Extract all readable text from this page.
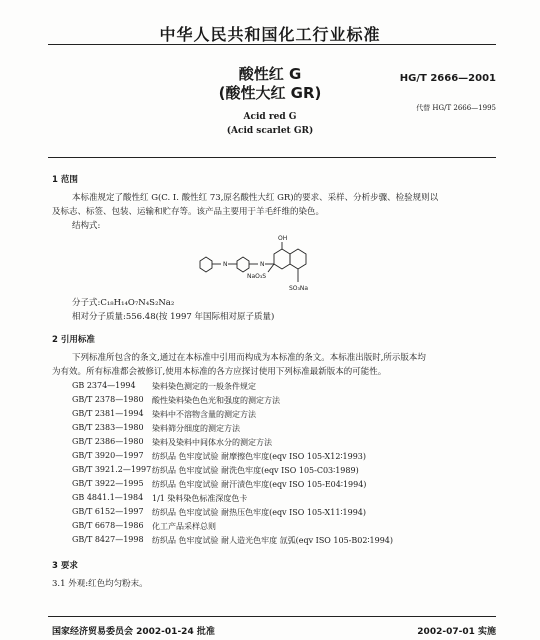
中华人民共和国化工行业标准
酸性红 G
(酸性大红 GR)
HG/T 2666—2001
代替 HG/T 2666—1995
Acid red G
(Acid scarlet GR)
1 范围
本标准规定了酸性红 G(C. I. 酸性红 73,原名酸性大红 GR)的要求、采样、分析步骤、检验规则以
及标志、标签、包装、运输和贮存等。该产品主要用于羊毛纤维的染色。
结构式:
N	N
OH
NaO₃S
SO₃Na
分子式:C₁₈H₁₄O₇N₄S₂Na₂
相对分子质量:556.48(按 1997 年国际相对原子质量)
2 引用标准
下列标准所包含的条文,通过在本标准中引用而构成为本标准的条文。本标准出版时,所示版本均
为有效。所有标准都会被修订,使用本标准的各方应探讨使用下列标准最新版本的可能性。
GB 2374—1994 染料染色测定的一般条件规定
GB/T 2378—1980 酸性染料染色色光和强度的测定方法
GB/T 2381—1994 染料中不溶物含量的测定方法
GB/T 2383—1980 染料筛分细度的测定方法
GB/T 2386—1980 染料及染料中间体水分的测定方法
GB/T 3920—1997 纺织品 色牢度试验 耐摩擦色牢度(eqv ISO 105-X12∶1993)
GB/T 3921.2—1997 纺织品 色牢度试验 耐洗色牢度(eqv ISO 105-C03∶1989)
GB/T 3922—1995 纺织品 色牢度试验 耐汗渍色牢度(eqv ISO 105-E04∶1994)
GB 4841.1—1984 1/1 染料染色标准深度色卡
GB/T 6152—1997 纺织品 色牢度试验 耐热压色牢度(eqv ISO 105-X11∶1994)
GB/T 6678—1986 化工产品采样总则
GB/T 8427—1998 纺织品 色牢度试验 耐人造光色牢度 氙弧(eqv ISO 105-B02∶1994)
3 要求
3.1 外观:红色均匀粉末。
国家经济贸易委员会 2002-01-24 批准	2002-07-01 实施
